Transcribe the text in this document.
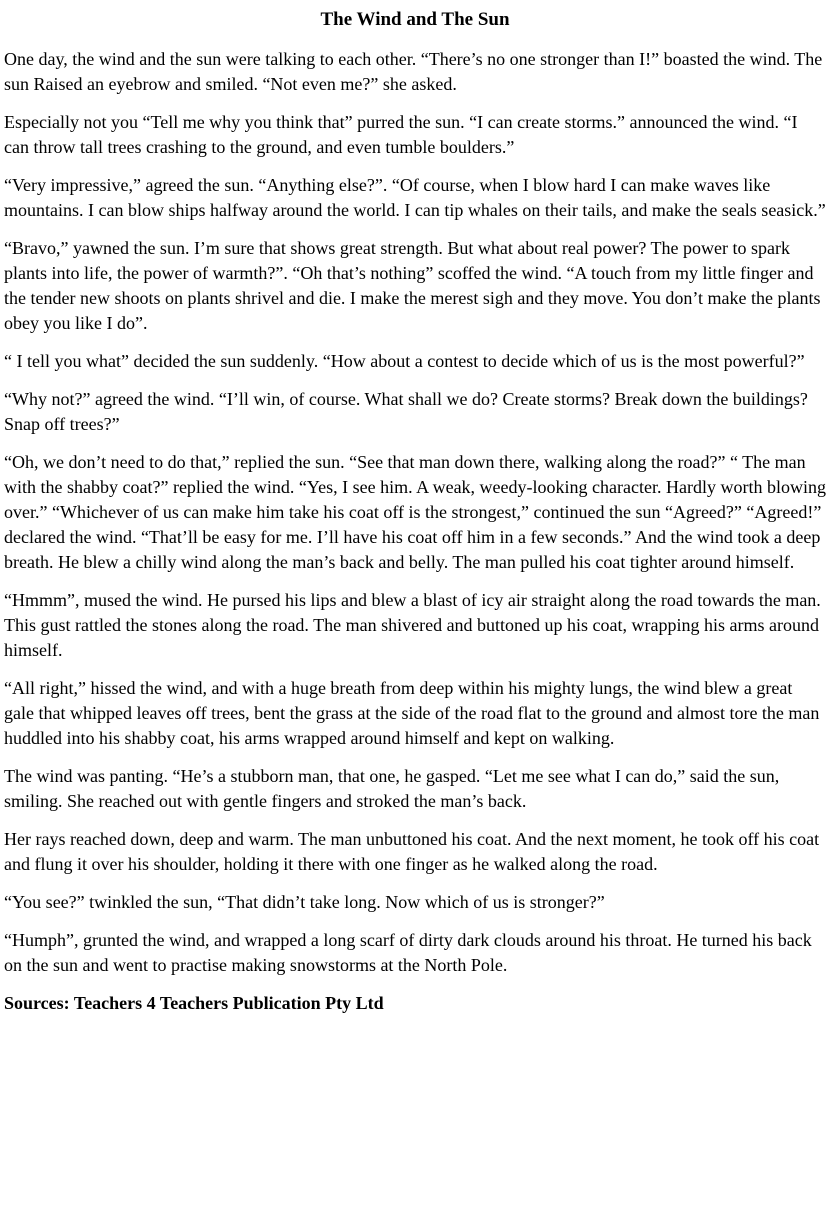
The Wind and The Sun

One day, the wind and the sun were talking to each other. “There’s no one stronger than I!” boasted the wind. The sun Raised an eyebrow and smiled. “Not even me?” she asked.

Especially not you “Tell me why you think that” purred the sun. “I can create storms.” announced the wind. “I can throw tall trees crashing to the ground, and even tumble boulders.”

“Very impressive,” agreed the sun. “Anything else?”. “Of course, when I blow hard I can make waves like mountains. I can blow ships halfway around the world. I can tip whales on their tails, and make the seals seasick.”

“Bravo,” yawned the sun. I’m sure that shows great strength. But what about real power? The power to spark plants into life, the power of warmth?”. “Oh that’s nothing” scoffed the wind. “A touch from my little finger and the tender new shoots on plants shrivel and die. I make the merest sigh and they move. You don’t make the plants obey you like I do”.

“ I tell you what” decided the sun suddenly. “How about a contest to decide which of us is the most powerful?”

“Why not?” agreed the wind. “I’ll win, of course. What shall we do? Create storms? Break down the buildings? Snap off trees?”

“Oh, we don’t need to do that,” replied the sun. “See that man down there, walking along the road?” “ The man with the shabby coat?” replied the wind. “Yes, I see him. A weak, weedy-looking character. Hardly worth blowing over.” “Whichever of us can make him take his coat off is the strongest,” continued the sun “Agreed?” “Agreed!” declared the wind. “That’ll be easy for me. I’ll have his coat off him in a few seconds.” And the wind took a deep breath. He blew a chilly wind along the man’s back and belly. The man pulled his coat tighter around himself.

“Hmmm”, mused the wind. He pursed his lips and blew a blast of icy air straight along the road towards the man. This gust rattled the stones along the road. The man shivered and buttoned up his coat, wrapping his arms around himself.

“All right,” hissed the wind, and with a huge breath from deep within his mighty lungs, the wind blew a great gale that whipped leaves off trees, bent the grass at the side of the road flat to the ground and almost tore the man huddled into his shabby coat, his arms wrapped around himself and kept on walking.

The wind was panting. “He’s a stubborn man, that one, he gasped. “Let me see what I can do,” said the sun, smiling. She reached out with gentle fingers and stroked the man’s back.

Her rays reached down, deep and warm. The man unbuttoned his coat. And the next moment, he took off his coat and flung it over his shoulder, holding it there with one finger as he walked along the road.

“You see?” twinkled the sun, “That didn’t take long. Now which of us is stronger?”

“Humph”, grunted the wind, and wrapped a long scarf of dirty dark clouds around his throat. He turned his back on the sun and went to practise making snowstorms at the North Pole.

Sources: Teachers 4 Teachers Publication Pty Ltd
